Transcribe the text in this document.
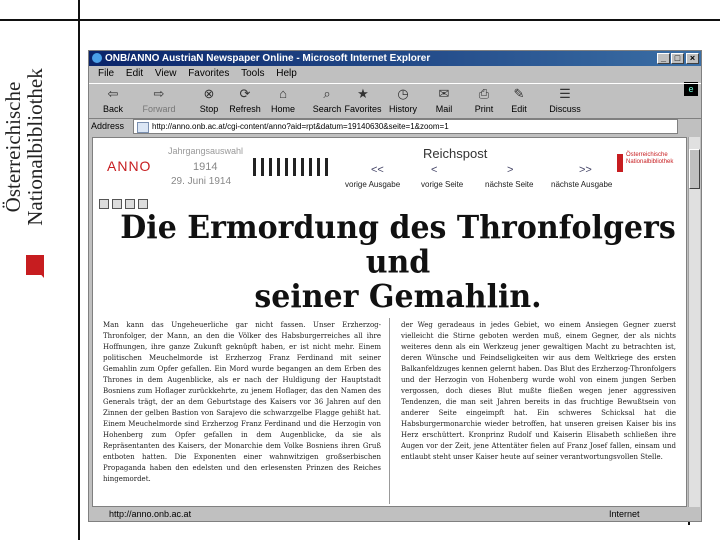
Österreichische
Nationalbibliothek
ONB/ANNO AustriaN Newspaper Online - Microsoft Internet Explorer	_ □	×
File Edit View Favorites Tools Help
e
⇦
Back
⇨
Forward
⊗
Stop
⟳
Refresh
⌂
Home
⌕
Search
★
Favorites
◷
History
✉
Mail
⎙
Print
✎
Edit
☰
Discuss
Address	http://anno.onb.ac.at/cgi-content/anno?aid=rpt&datum=19140630&seite=1&zoom=1
ANNO
Jahrgangsauswahl
1914
29. Juni 1914
Reichspost
<<
vorige Ausgabe
<
vorige Seite
>
nächste Seite
>>
nächste Ausgabe
Österreichische Nationalbibliothek
Die Ermordung des Thronfolgers und
seiner Gemahlin.
Man kann das Ungeheuerliche gar nicht fassen. Unser Erzherzog-Thronfolger, der Mann, an den die Völker des Habsburgerreiches all ihre Hoffnungen, ihre ganze Zukunft geknüpft haben, er ist nicht mehr. Einem politischen Meuchelmorde ist Erzherzog Franz Ferdinand mit seiner Gemahlin zum Opfer gefallen. Ein Mord wurde begangen an dem Erben des Thrones in dem Augenblicke, als er nach der Huldigung der Hauptstadt Bosniens zum Hoflager zurückkehrte, zu jenem Hoflager, das den Namen des Generals trägt, der an dem Geburtstage des Kaisers vor 36 Jahren auf den Zinnen der gelben Bastion von Sarajevo die schwarzgelbe Flagge gehißt hat. Einem Meuchelmorde sind Erzherzog Franz Ferdinand und die Herzogin von Hohenberg zum Opfer gefallen in dem Augenblicke, da sie als Repräsentanten des Kaisers, der Monarchie dem Volke Bosniens ihren Gruß entboten hatten. Die Exponenten einer wahnwitzigen großserbischen Propaganda haben den edelsten und den erlesensten Prinzen des Reiches hingemordet.
der Weg geradeaus in jedes Gebiet, wo einem Ansiegen Gegner zuerst vielleicht die Stirne geboten werden muß, einem Gegner, der als nichts weiteres denn als ein Werkzeug jener gewaltigen Macht zu betrachten ist, deren Wünsche und Feindseligkeiten wir aus dem Weltkriege des ersten Balkanfeldzuges kennen gelernt haben. Das Blut des Erzherzog-Thronfolgers und der Herzogin von Hohenberg wurde wohl von einem jungen Serben vergossen, doch dieses Blut mußte fließen wegen jener aggressiven Tendenzen, die man seit Jahren bereits in das fruchtige Bewußtsein von anderer Seite eingeimpft hat. Ein schweres Schicksal hat die Habsburgermonarchie wieder betroffen, hat unseren greisen Kaiser bis ins Herz erschüttert. Kronprinz Rudolf und Kaiserin Elisabeth schließen ihre Augen vor der Zeit, jene Attentäter fielen auf Franz Josef fallen, einsam und entlaubt steht unser Kaiser heute auf seiner verantwortungsvollen Stelle.
http://anno.onb.ac.at	Internet
